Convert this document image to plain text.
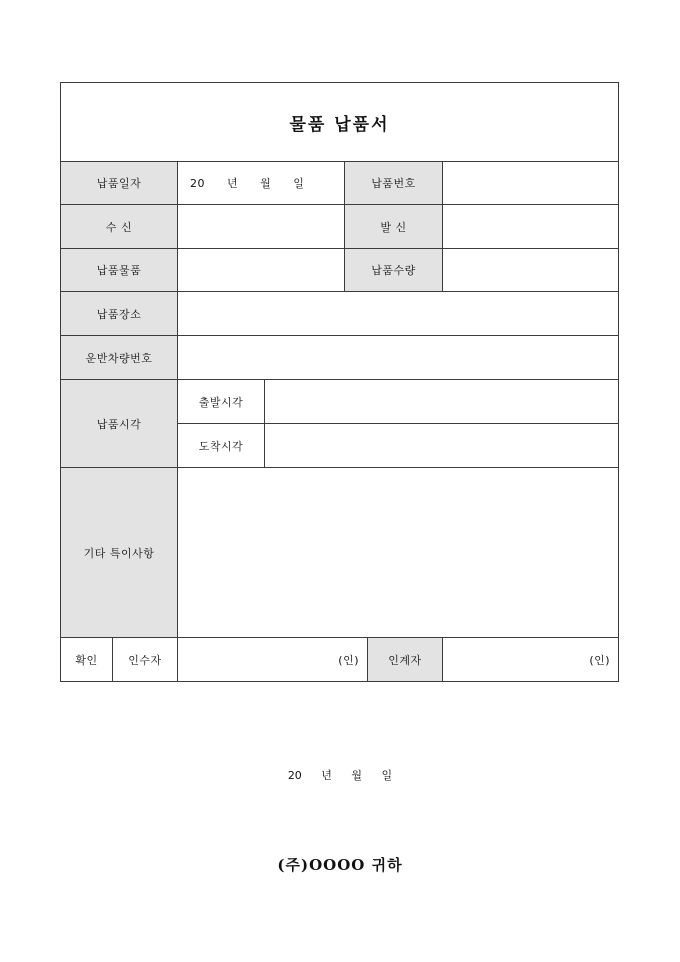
물품 납품서						
납품일자		20 년 월 일		납품번호		
수 신				발 신		
납품물품				납품수량		
납품장소						
운반차량번호						
납품시각		출발시각				
		도착시각				
기타 특이사항						
확인	인수자	(인)			인계자	(인)
20 년 월 일
(주)OOOO 귀하
